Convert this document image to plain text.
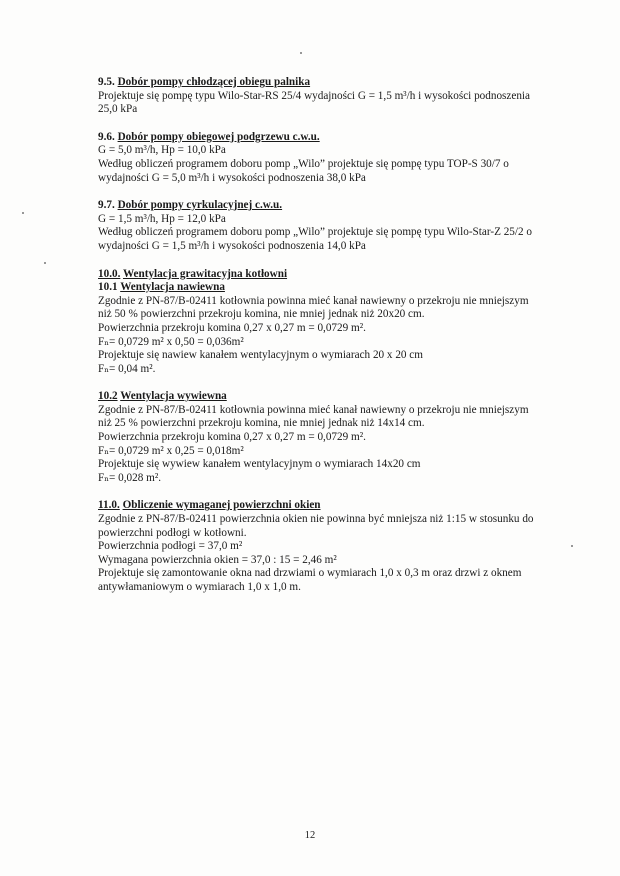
9.5. Dobór pompy chłodzącej obiegu palnika
Projektuje się pompę typu Wilo-Star-RS 25/4 wydajności G = 1,5 m³/h i wysokości podnoszenia 25,0 kPa
9.6. Dobór pompy obiegowej podgrzewu c.w.u.
G = 5,0 m³/h, Hp = 10,0 kPa
Według obliczeń programem doboru pomp „Wilo” projektuje się pompę typu TOP-S 30/7 o wydajności G = 5,0 m³/h i wysokości podnoszenia 38,0 kPa
9.7. Dobór pompy cyrkulacyjnej c.w.u.
G = 1,5 m³/h, Hp = 12,0 kPa
Według obliczeń programem doboru pomp „Wilo” projektuje się pompę typu Wilo-Star-Z 25/2 o wydajności G = 1,5 m³/h i wysokości podnoszenia 14,0 kPa
10.0. Wentylacja grawitacyjna kotłowni
10.1 Wentylacja nawiewna
Zgodnie z PN-87/B-02411 kotłownia powinna mieć kanał nawiewny o przekroju nie mniejszym niż 50 % powierzchni przekroju komina, nie mniej jednak niż 20x20 cm.
Powierzchnia przekroju komina 0,27 x 0,27 m = 0,0729 m².
Fₙ= 0,0729 m² x 0,50 = 0,036m²
Projektuje się nawiew kanałem wentylacyjnym o wymiarach 20 x 20 cm
Fₙ= 0,04 m².
10.2 Wentylacja wywiewna
Zgodnie z PN-87/B-02411 kotłownia powinna mieć kanał nawiewny o przekroju nie mniejszym niż 25 % powierzchni przekroju komina, nie mniej jednak niż 14x14 cm.
Powierzchnia przekroju komina 0,27 x 0,27 m = 0,0729 m².
Fₙ= 0,0729 m² x 0,25 = 0,018m²
Projektuje się wywiew kanałem wentylacyjnym o wymiarach 14x20 cm
Fₙ= 0,028 m².
11.0. Obliczenie wymaganej powierzchni okien
Zgodnie z PN-87/B-02411 powierzchnia okien nie powinna być mniejsza niż 1:15 w stosunku do powierzchni podłogi w kotłowni.
Powierzchnia podłogi = 37,0 m²
Wymagana powierzchnia okien = 37,0 : 15 = 2,46 m²
Projektuje się zamontowanie okna nad drzwiami o wymiarach 1,0 x 0,3 m oraz drzwi z oknem antywłamaniowym o wymiarach 1,0 x 1,0 m.
12
